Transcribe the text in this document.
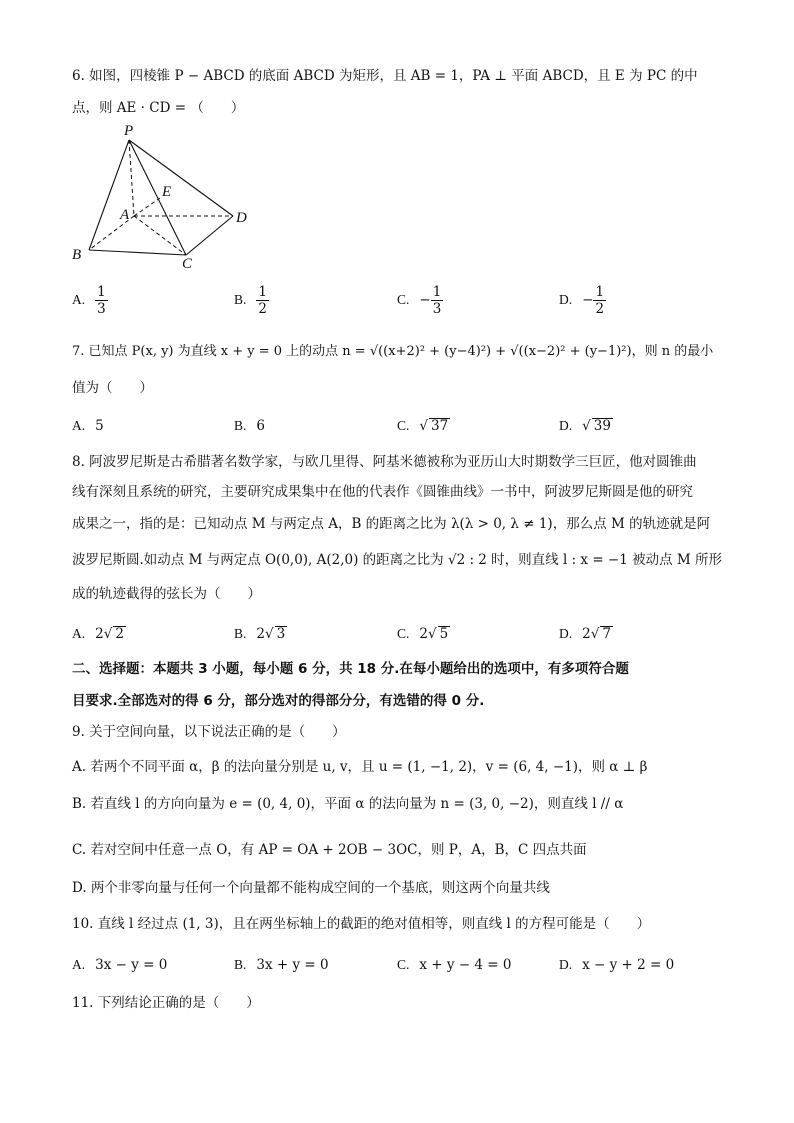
6. 如图，四棱锥 P − ABCD 的底面 ABCD 为矩形，且 AB = 1，PA ⊥ 平面 ABCD，且 E 为 PC 的中
点，则 AE · CD = （　　）
P
A
B
C
D
E
A. $\frac{1}{3}$	B. $\frac{1}{2}$	C. − $\frac{1}{3}$	D. − $\frac{1}{2}$
7. 已知点 P(x, y) 为直线 x + y = 0 上的动点 n = √((x+2)² + (y−4)²) + √((x−2)² + (y−1)²)，则 n 的最小
值为（　　）
A. 5	B. 6	C. √ 37	D. √ 39
8. 阿波罗尼斯是古希腊著名数学家，与欧几里得、阿基米德被称为亚历山大时期数学三巨匠，他对圆锥曲
线有深刻且系统的研究，主要研究成果集中在他的代表作《圆锥曲线》一书中，阿波罗尼斯圆是他的研究
成果之一，指的是：已知动点 M 与两定点 A，B 的距离之比为 λ(λ > 0, λ ≠ 1)，那么点 M 的轨迹就是阿
波罗尼斯圆.如动点 M 与两定点 O(0,0), A(2,0) 的距离之比为 √2 : 2 时，则直线 l : x = −1 被动点 M 所形
成的轨迹截得的弦长为（　　）
A. 2 √ 2	B. 2 √ 3	C. 2 √ 5	D. 2 √ 7
二、选择题：本题共 3 小题，每小题 6 分，共 18 分.在每小题给出的选项中，有多项符合题
目要求.全部选对的得 6 分，部分选对的得部分分，有选错的得 0 分.
9. 关于空间向量，以下说法正确的是（　　）
A. 若两个不同平面 α，β 的法向量分别是 u, v，且 u = (1, −1, 2)，v = (6, 4, −1)，则 α ⊥ β
B. 若直线 l 的方向向量为 e = (0, 4, 0)，平面 α 的法向量为 n = (3, 0, −2)，则直线 l // α
C. 若对空间中任意一点 O，有 AP = OA + 2OB − 3OC，则 P，A，B，C 四点共面
D. 两个非零向量与任何一个向量都不能构成空间的一个基底，则这两个向量共线
10. 直线 l 经过点 (1, 3)，且在两坐标轴上的截距的绝对值相等，则直线 l 的方程可能是（　　）
A. 3x − y = 0	B. 3x + y = 0	C. x + y − 4 = 0	D. x − y + 2 = 0
11. 下列结论正确的是（　　）
